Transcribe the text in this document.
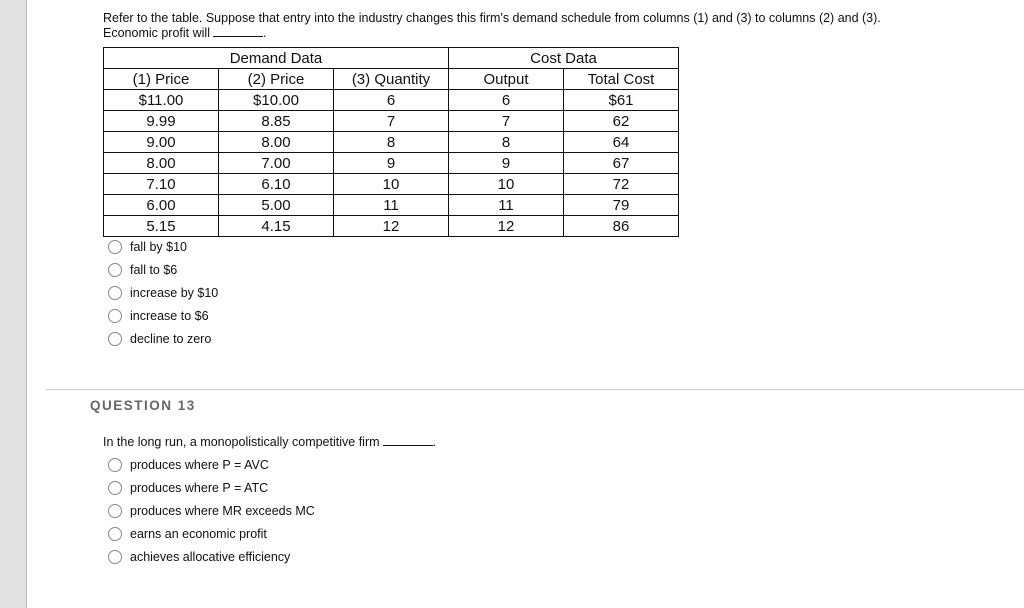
Refer to the table. Suppose that entry into the industry changes this firm's demand schedule from columns (1) and (3) to columns (2) and (3).
Economic profit will	.
Demand Data			Cost Data	
(1) Price	(2) Price	(3) Quantity	Output	Total Cost
$11.00	$10.00	6	6	$61
9.99	8.85	7	7	62
9.00	8.00	8	8	64
8.00	7.00	9	9	67
7.10	6.10	10	10	72
6.00	5.00	11	11	79
5.15	4.15	12	12	86
fall by $10
fall to $6
increase by $10
increase to $6
decline to zero
QUESTION 13
In the long run, a monopolistically competitive firm	.
produces where P = AVC
produces where P = ATC
produces where MR exceeds MC
earns an economic profit
achieves allocative efficiency
